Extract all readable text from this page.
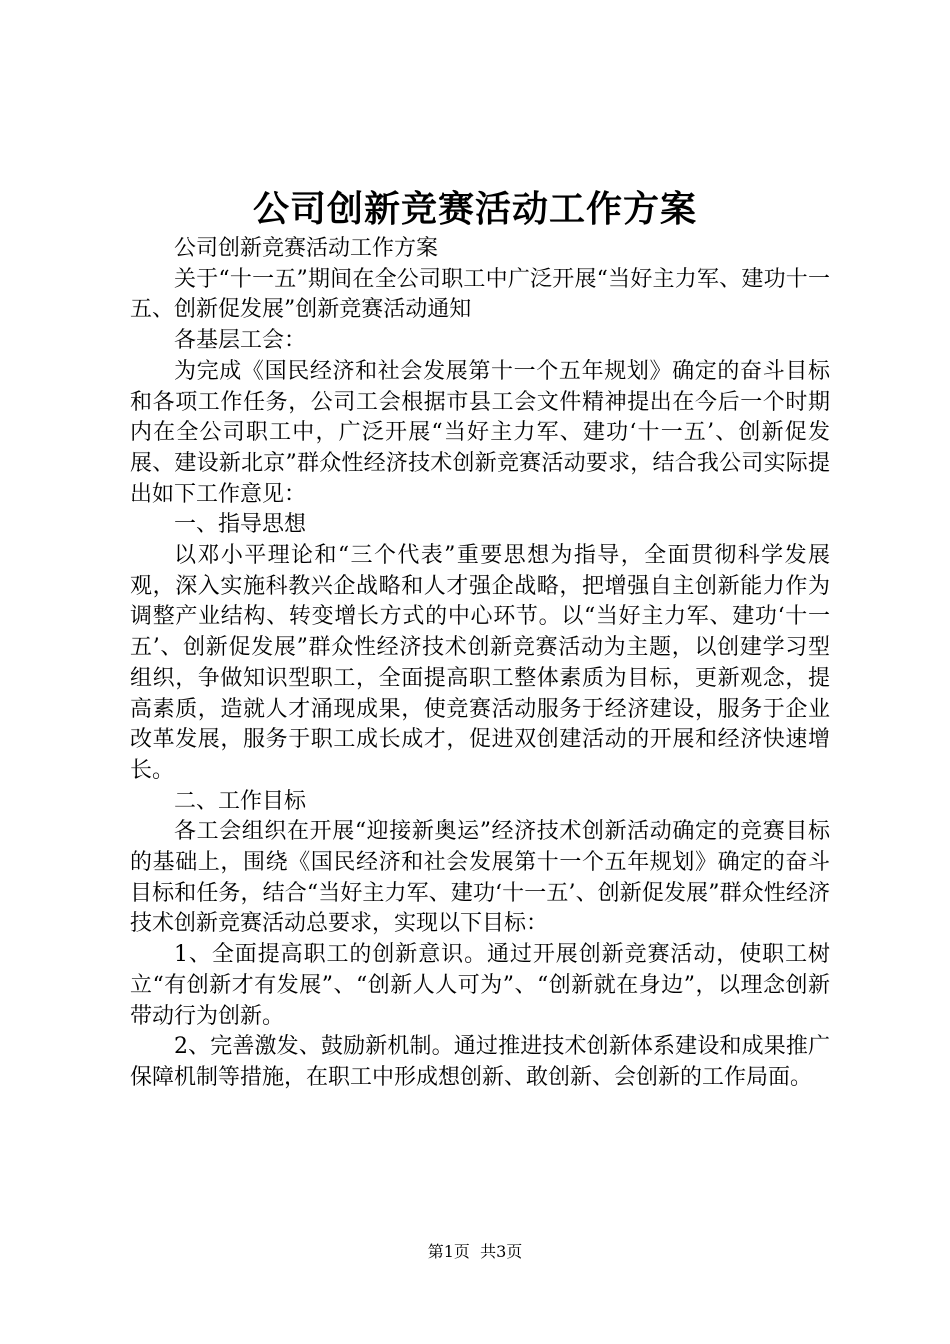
公司创新竞赛活动工作方案

公司创新竞赛活动工作方案

关于“十一五”期间在全公司职工中广泛开展“当好主力军、建功十一五、创新促发展”创新竞赛活动通知

各基层工会：

为完成《国民经济和社会发展第十一个五年规划》确定的奋斗目标和各项工作任务，公司工会根据市县工会文件精神提出在今后一个时期内在全公司职工中，广泛开展“当好主力军、建功‘十一五’、创新促发展、建设新北京”群众性经济技术创新竞赛活动要求，结合我公司实际提出如下工作意见：

一、指导思想

以邓小平理论和“三个代表”重要思想为指导，全面贯彻科学发展观，深入实施科教兴企战略和人才强企战略，把增强自主创新能力作为调整产业结构、转变增长方式的中心环节。以“当好主力军、建功‘十一五’、创新促发展”群众性经济技术创新竞赛活动为主题，以创建学习型组织，争做知识型职工，全面提高职工整体素质为目标，更新观念，提高素质，造就人才涌现成果，使竞赛活动服务于经济建设，服务于企业改革发展，服务于职工成长成才，促进双创建活动的开展和经济快速增长。

二、工作目标

各工会组织在开展“迎接新奥运”经济技术创新活动确定的竞赛目标的基础上，围绕《国民经济和社会发展第十一个五年规划》确定的奋斗目标和任务，结合“当好主力军、建功‘十一五’、创新促发展”群众性经济技术创新竞赛活动总要求，实现以下目标：

1、全面提高职工的创新意识。通过开展创新竞赛活动，使职工树立“有创新才有发展”、“创新人人可为”、“创新就在身边”，以理念创新带动行为创新。

2、完善激发、鼓励新机制。通过推进技术创新体系建设和成果推广保障机制等措施，在职工中形成想创新、敢创新、会创新的工作局面。

第1页 共3页
